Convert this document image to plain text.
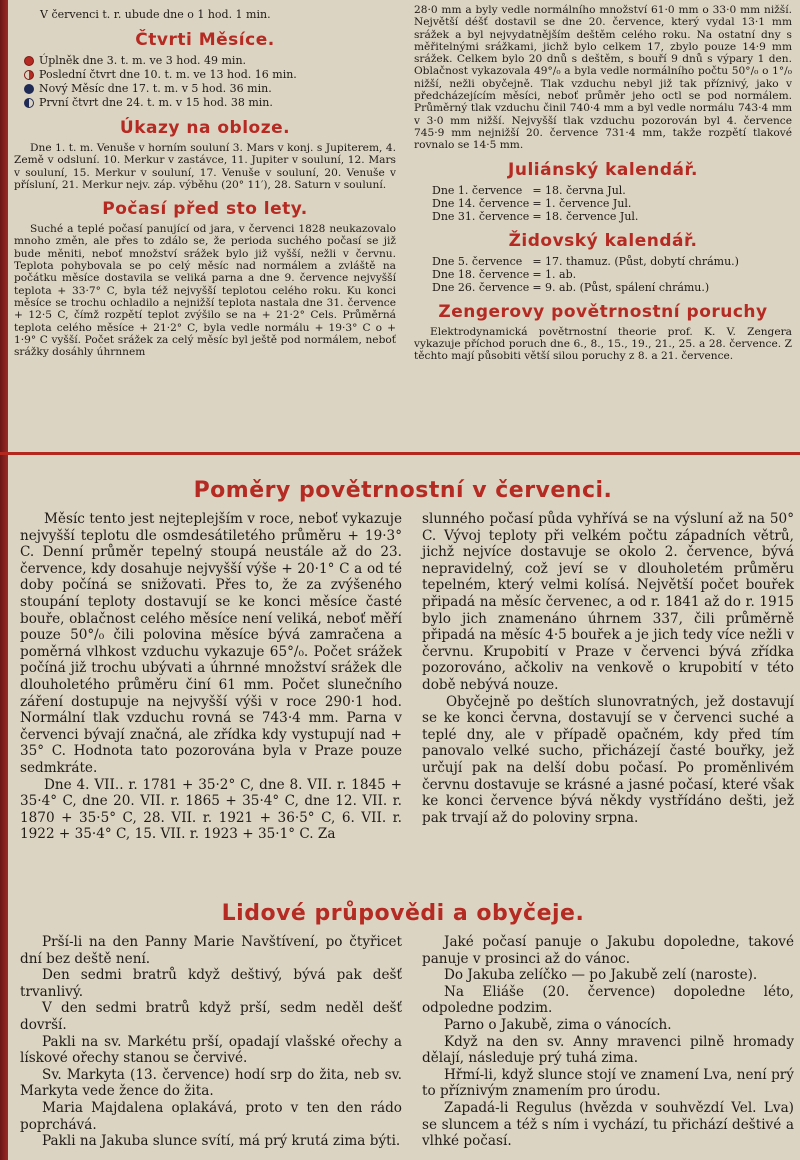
V červenci t. r. ubude dne o 1 hod. 1 min.
Čtvrti Měsíce.
Úplněk dne 3. t. m. ve 3 hod. 49 min.
Poslední čtvrt dne 10. t. m. ve 13 hod. 16 min.
Nový Měsíc dne 17. t. m. v 5 hod. 36 min.
První čtvrt dne 24. t. m. v 15 hod. 38 min.
Úkazy na obloze.

Dne 1. t. m. Venuše v horním souluní 3. Mars v konj. s Jupiterem, 4. Země v odsluní. 10. Merkur v zastávce, 11. Jupiter v souluní, 12. Mars v souluní, 15. Merkur v souluní, 17. Venuše v souluní, 20. Venuše v přísluní, 21. Merkur nejv. záp. výběhu (20° 11′), 28. Saturn v souluní.

Počasí před sto lety.

Suché a teplé počasí panující od jara, v červenci 1828 neukazovalo mnoho změn, ale přes to zdálo se, že perioda suchého počasí se již bude měniti, neboť množství srážek bylo již vyšší, nežli v červnu. Teplota pohybovala se po celý měsíc nad normálem a zvláště na počátku měsíce dostavila se veliká parna a dne 9. července nejvyšší teplota + 33·7° C, byla též nejvyšší teplotou celého roku. Ku konci měsíce se trochu ochladilo a nejnižší teplota nastala dne 31. července + 12·5 C, čímž rozpětí teplot zvýšilo se na + 21·2° Cels. Průměrná teplota celého měsíce + 21·2° C, byla vedle normálu + 19·3° C o + 1·9° C vyšší. Počet srážek za celý měsíc byl ještě pod normálem, neboť srážky dosáhly úhrnnem

28·0 mm a byly vedle normálního množství 61·0 mm o 33·0 mm nižší. Největší déšť dostavil se dne 20. července, který vydal 13·1 mm srážek a byl nejvydatnějším deštěm celého roku. Na ostatní dny s měřitelnými srážkami, jichž bylo celkem 17, zbylo pouze 14·9 mm srážek. Celkem bylo 20 dnů s deštěm, s bouří 9 dnů s výpary 1 den. Oblačnost vykazovala 49°/₀ a byla vedle normálního počtu 50°/₀ o 1°/₀ nižší, nežli obyčejně. Tlak vzduchu nebyl již tak příznivý, jako v předcházejícím měsíci, neboť průměr jeho octl se pod normálem. Průměrný tlak vzduchu činil 740·4 mm a byl vedle normálu 743·4 mm v 3·0 mm nižší. Nejvyšší tlak vzduchu pozorován byl 4. července 745·9 mm nejnižší 20. července 731·4 mm, takže rozpětí tlakové rovnalo se 14·5 mm.

Juliánský kalendář.
Dne 1. července	= 18. června Jul.
Dne 14. července	= 1. července Jul.
Dne 31. července	= 18. července Jul.
Židovský kalendář.
Dne 5. července	= 17. thamuz. (Půst, dobytí chrámu.)
Dne 18. července	= 1. ab.
Dne 26. července	= 9. ab. (Půst, spálení chrámu.)
Zengerovy povětrnostní poruchy

Elektrodynamická povětrnostní theorie prof. K. V. Zengera vykazuje příchod poruch dne 6., 8., 15., 19., 21., 25. a 28. července. Z těchto mají působiti větší silou poruchy z 8. a 21. července.

Poměry povětrnostní v červenci.

Měsíc tento jest nejteplejším v roce, neboť vykazuje nejvyšší teplotu dle osmdesátiletého průměru + 19·3° C. Denní průměr tepelný stoupá neustále až do 23. července, kdy dosahuje nejvyšší výše + 20·1° C a od té doby počíná se snižovati. Přes to, že za zvýšeného stoupání teploty dostavují se ke konci měsíce časté bouře, oblačnost celého měsíce není veliká, neboť měří pouze 50°/₀ čili polovina měsíce bývá zamračena a poměrná vlhkost vzduchu vykazuje 65°/₀. Počet srážek počíná již trochu ubývati a úhrnné množství srážek dle dlouholetého průměru činí 61 mm. Počet slunečního záření dostupuje na nejvyšší výši v roce 290·1 hod. Normální tlak vzduchu rovná se 743·4 mm. Parna v červenci bývají značná, ale zřídka kdy vystupují nad + 35° C. Hodnota tato pozorována byla v Praze pouze sedmkráte.

Dne 4. VII.. r. 1781 + 35·2° C, dne 8. VII. r. 1845 + 35·4° C, dne 20. VII. r. 1865 + 35·4° C, dne 12. VII. r. 1870 + 35·5° C, 28. VII. r. 1921 + 36·5° C, 6. VII. r. 1922 + 35·4° C, 15. VII. r. 1923 + 35·1° C. Za

slunného počasí půda vyhřívá se na výsluní až na 50° C. Vývoj teploty při velkém počtu západních větrů, jichž nejvíce dostavuje se okolo 2. července, bývá nepravidelný, což jeví se v dlouholetém průměru tepelném, který velmi kolísá. Největší počet bouřek připadá na měsíc červenec, a od r. 1841 až do r. 1915 bylo jich znamenáno úhrnem 337, čili průměrně připadá na měsíc 4·5 bouřek a je jich tedy více nežli v červnu. Krupobití v Praze v červenci bývá zřídka pozorováno, ačkoliv na venkově o krupobití v této době nebývá nouze.

Obyčejně po deštích slunovratných, jež dostavují se ke konci června, dostavují se v červenci suché a teplé dny, ale v případě opačném, kdy před tím panovalo velké sucho, přicházejí časté bouřky, jež určují pak na delší dobu počasí. Po proměnlivém červnu dostavuje se krásné a jasné počasí, které však ke konci července bývá někdy vystřídáno dešti, jež pak trvají až do poloviny srpna.

Lidové průpovědi a obyčeje.

Prší-li na den Panny Marie Navštívení, po čtyřicet dní bez deště není.

Den sedmi bratrů když deštivý, bývá pak dešť trvanlivý.

V den sedmi bratrů když prší, sedm neděl dešť dovrší.

Pakli na sv. Markétu prší, opadají vlašské ořechy a lískové ořechy stanou se červivé.

Sv. Markyta (13. července) hodí srp do žita, neb sv. Markyta vede žence do žita.

Maria Majdalena oplakává, proto v ten den rádo poprchává.

Pakli na Jakuba slunce svítí, má prý krutá zima býti.

Jaké počasí panuje o Jakubu dopoledne, takové panuje v prosinci až do vánoc.

Do Jakuba zelíčko — po Jakubě zelí (naroste).

Na Eliáše (20. července) dopoledne léto, odpoledne podzim.

Parno o Jakubě, zima o vánocích.

Když na den sv. Anny mravenci pilně hromady dělají, následuje prý tuhá zima.

Hřmí-li, když slunce stojí ve znamení Lva, není prý to příznivým znamením pro úrodu.

Zapadá-li Regulus (hvězda v souhvězdí Vel. Lva) se sluncem a též s ním i vychází, tu přichází deštivé a vlhké počasí.
